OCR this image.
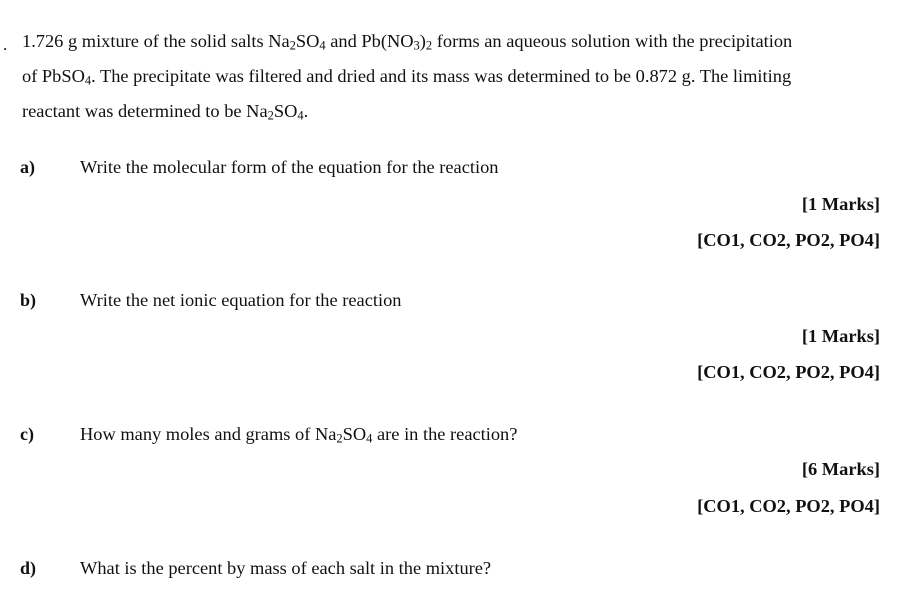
. 1.726 g mixture of the solid salts $Na_2SO_4$ and $Pb(NO_3)_2$ forms an aqueous solution with the precipitation
of PbSO$_4$. The precipitate was filtered and dried and its mass was determined to be 0.872 g. The limiting
reactant was determined to be $Na_2SO_4$.
a) Write the molecular form of the equation for the reaction
[1 Marks]
[CO1, CO2, PO2, PO4]
b) Write the net ionic equation for the reaction
[1 Marks]
[CO1, CO2, PO2, PO4]
c)	How many moles and grams of $Na_2SO_4$ are in the reaction?
[6 Marks]
[CO1, CO2, PO2, PO4]
d) What is the percent by mass of each salt in the mixture?
